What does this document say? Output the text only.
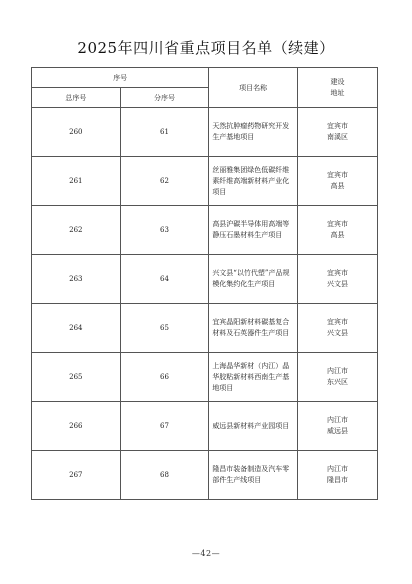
2025年四川省重点项目名单（续建）
序号		项目名称	建设
地址

总序号	分序号		
260	61	天然抗肿瘤药物研究开发生产基地项目	宜宾市
南溪区

261	62	丝丽雅集团绿色低碳纤维素纤维高端新材料产业化项目	宜宾市
高县

262	63	高县沪碳半导体用高端等静压石墨材料生产项目	宜宾市
高县

263	64	兴文县“以竹代塑”产品规模化集约化生产项目	宜宾市
兴文县

264	65	宜宾晶阳新材料碳基复合材料及石英器件生产项目	宜宾市
兴文县

265	66	上海晶华新材（内江）晶华胶粘新材料西南生产基地项目	内江市
东兴区

266	67	威远县新材料产业园项目	内江市
威远县

267	68	隆昌市装备制造及汽车零部件生产线项目	内江市
隆昌市
—42—
